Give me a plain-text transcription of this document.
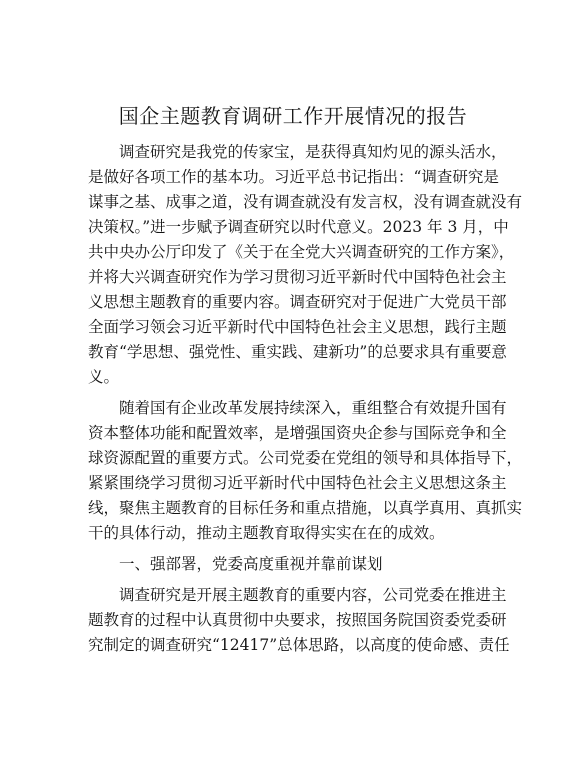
国企主题教育调研工作开展情况的报告
调查研究是我党的传家宝，是获得真知灼见的源头活水，
是做好各项工作的基本功。习近平总书记指出：“调查研究是
谋事之基、成事之道，没有调查就没有发言权，没有调查就没有
决策权。”进一步赋予调查研究以时代意义。2023 年 3 月，中
共中央办公厅印发了《关于在全党大兴调查研究的工作方案》，
并将大兴调查研究作为学习贯彻习近平新时代中国特色社会主
义思想主题教育的重要内容。调查研究对于促进广大党员干部
全面学习领会习近平新时代中国特色社会主义思想，践行主题
教育“学思想、强党性、重实践、建新功”的总要求具有重要意
义。
随着国有企业改革发展持续深入，重组整合有效提升国有
资本整体功能和配置效率，是增强国资央企参与国际竞争和全
球资源配置的重要方式。公司党委在党组的领导和具体指导下，
紧紧围绕学习贯彻习近平新时代中国特色社会主义思想这条主
线，聚焦主题教育的目标任务和重点措施，以真学真用、真抓实
干的具体行动，推动主题教育取得实实在在的成效。
一、强部署，党委高度重视并靠前谋划
调查研究是开展主题教育的重要内容，公司党委在推进主
题教育的过程中认真贯彻中央要求，按照国务院国资委党委研
究制定的调查研究“12417”总体思路，以高度的使命感、责任
